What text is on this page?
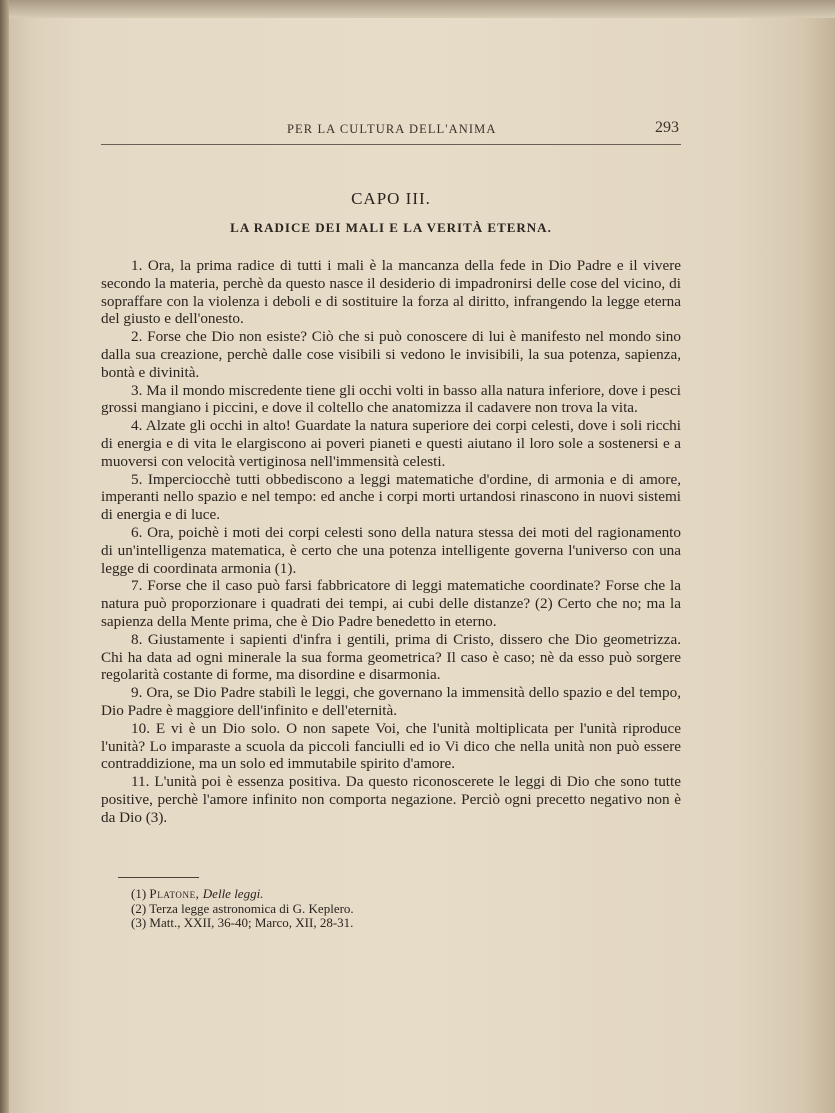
PER LA CULTURA DELL'ANIMA	293
CAPO III.
LA RADICE DEI MALI E LA VERITÀ ETERNA.

1. Ora, la prima radice di tutti i mali è la mancanza della fede in Dio Padre e il vivere secondo la materia, perchè da questo nasce il desiderio di impadronirsi delle cose del vicino, di sopraffare con la violenza i deboli e di sostituire la forza al diritto, infrangendo la legge eterna del giusto e dell'onesto.

2. Forse che Dio non esiste? Ciò che si può conoscere di lui è manifesto nel mondo sino dalla sua creazione, perchè dalle cose visibili si vedono le invisibili, la sua potenza, sapienza, bontà e divinità.

3. Ma il mondo miscredente tiene gli occhi volti in basso alla natura inferiore, dove i pesci grossi mangiano i piccini, e dove il coltello che anatomizza il cadavere non trova la vita.

4. Alzate gli occhi in alto! Guardate la natura superiore dei corpi celesti, dove i soli ricchi di energia e di vita le elargiscono ai poveri pianeti e questi aiutano il loro sole a sostenersi e a muoversi con velocità vertiginosa nell'immensità celesti.

5. Imperciocchè tutti obbediscono a leggi matematiche d'ordine, di armonia e di amore, imperanti nello spazio e nel tempo: ed anche i corpi morti urtandosi rinascono in nuovi sistemi di energia e di luce.

6. Ora, poichè i moti dei corpi celesti sono della natura stessa dei moti del ragionamento di un'intelligenza matematica, è certo che una potenza intelligente governa l'universo con una legge di coordinata armonia (1).

7. Forse che il caso può farsi fabbricatore di leggi matematiche coordinate? Forse che la natura può proporzionare i quadrati dei tempi, ai cubi delle distanze? (2) Certo che no; ma la sapienza della Mente prima, che è Dio Padre benedetto in eterno.

8. Giustamente i sapienti d'infra i gentili, prima di Cristo, dissero che Dio geometrizza. Chi ha data ad ogni minerale la sua forma geometrica? Il caso è caso; nè da esso può sorgere regolarità costante di forme, ma disordine e disarmonia.

9. Ora, se Dio Padre stabilì le leggi, che governano la immensità dello spazio e del tempo, Dio Padre è maggiore dell'infinito e dell'eternità.

10. E vi è un Dio solo. O non sapete Voi, che l'unità moltiplicata per l'unità riproduce l'unità? Lo imparaste a scuola da piccoli fanciulli ed io Vi dico che nella unità non può essere contraddizione, ma un solo ed immutabile spirito d'amore.

11. L'unità poi è essenza positiva. Da questo riconoscerete le leggi di Dio che sono tutte positive, perchè l'amore infinito non comporta negazione. Perciò ogni precetto negativo non è da Dio (3).

(1) Platone, Delle leggi.
(2) Terza legge astronomica di G. Keplero.
(3) Matt., XXII, 36-40; Marco, XII, 28-31.
